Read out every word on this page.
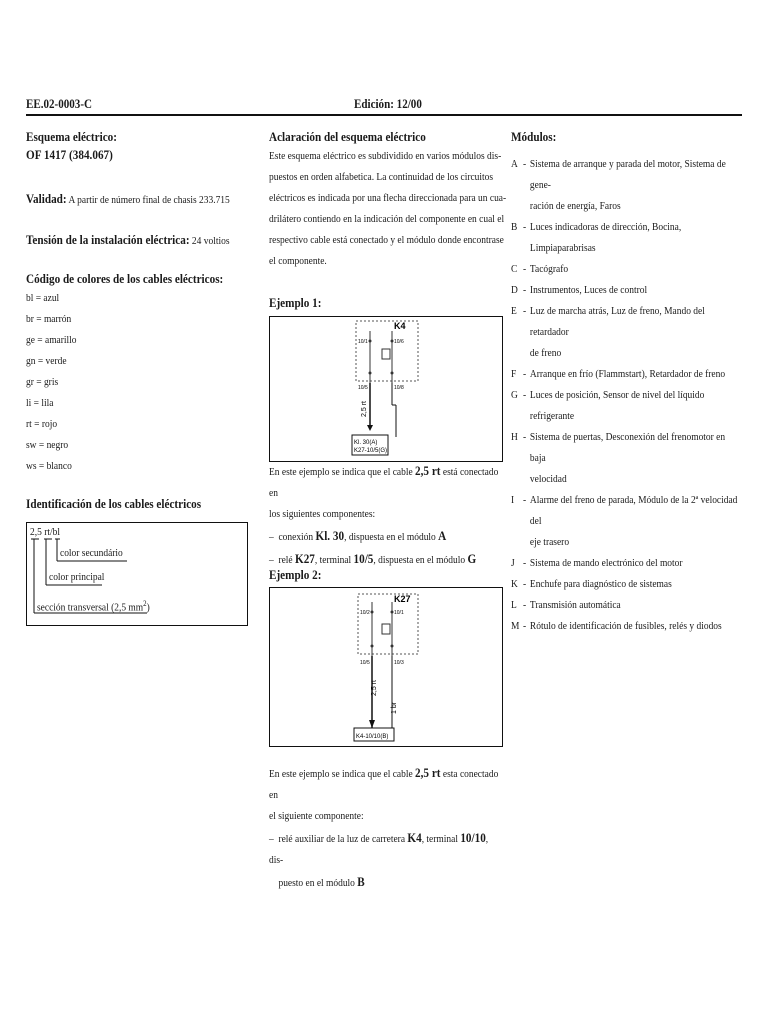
EE.02-0003-C	Edición: 12/00
Esquema eléctrico:
OF 1417 (384.067)
Validad: A partir de número final de chasis 233.715
Tensión de la instalación eléctrica: 24 voltios
Código de colores de los cables eléctricos:
bl = azul
br = marrón
ge = amarillo
gn = verde
gr = gris
li = lila
rt = rojo
sw = negro
ws = blanco
Identificación de los cables eléctricos
2,5 rt/bl
color secundário
color principal
sección transversal (2,5 $mm^2$)
Aclaración del esquema eléctrico
Este esquema eléctrico es subdividido en varios módulos dis-
puestos en orden alfabetica. La continuidad de los circuitos
eléctricos es indicada por una flecha direccionada para un cua-
drilátero contiendo en la indicación del componente en cual el
respectivo cable está conectado y el módulo donde encontrase
el componente.
Ejemplo 1:
K4
10/1	10/6
10/5	10/8
2,5 rt
Kl. 30(A)
K27-10/5(G)
En este ejemplo se indica que el cable 2,5 rt está conectado en
los siguientes componentes:
– conexión Kl. 30, dispuesta en el módulo A
– relé K27, terminal 10/5, dispuesta en el módulo G
Ejemplo 2:
K27
10/2	10/1
10/5	10/3
2,5 rt
1 br
K4-10/10(B)
En este ejemplo se indica que el cable 2,5 rt esta conectado en
el siguiente componente:
– relé auxiliar de la luz de carretera K4, terminal 10/10, dis-
puesto en el módulo B
Módulos:
A - Sistema de arranque y parada del motor, Sistema de gene-
ración de energía, Faros
B - Luces indicadoras de dirección, Bocina, Limpiaparabrisas
C - Tacógrafo
D - Instrumentos, Luces de control
E - Luz de marcha atrás, Luz de freno, Mando del retardador
de freno
F - Arranque en frío (Flammstart), Retardador de freno
G - Luces de posición, Sensor de nivel del líquido refrigerante
H - Sistema de puertas, Desconexión del frenomotor en baja
velocidad
I - Alarme del freno de parada, Módulo de la 2ª velocidad del
eje trasero
J - Sistema de mando electrónico del motor
K - Enchufe para diagnóstico de sistemas
L - Transmisión automática
M - Rótulo de identificación de fusibles, relés y diodos
